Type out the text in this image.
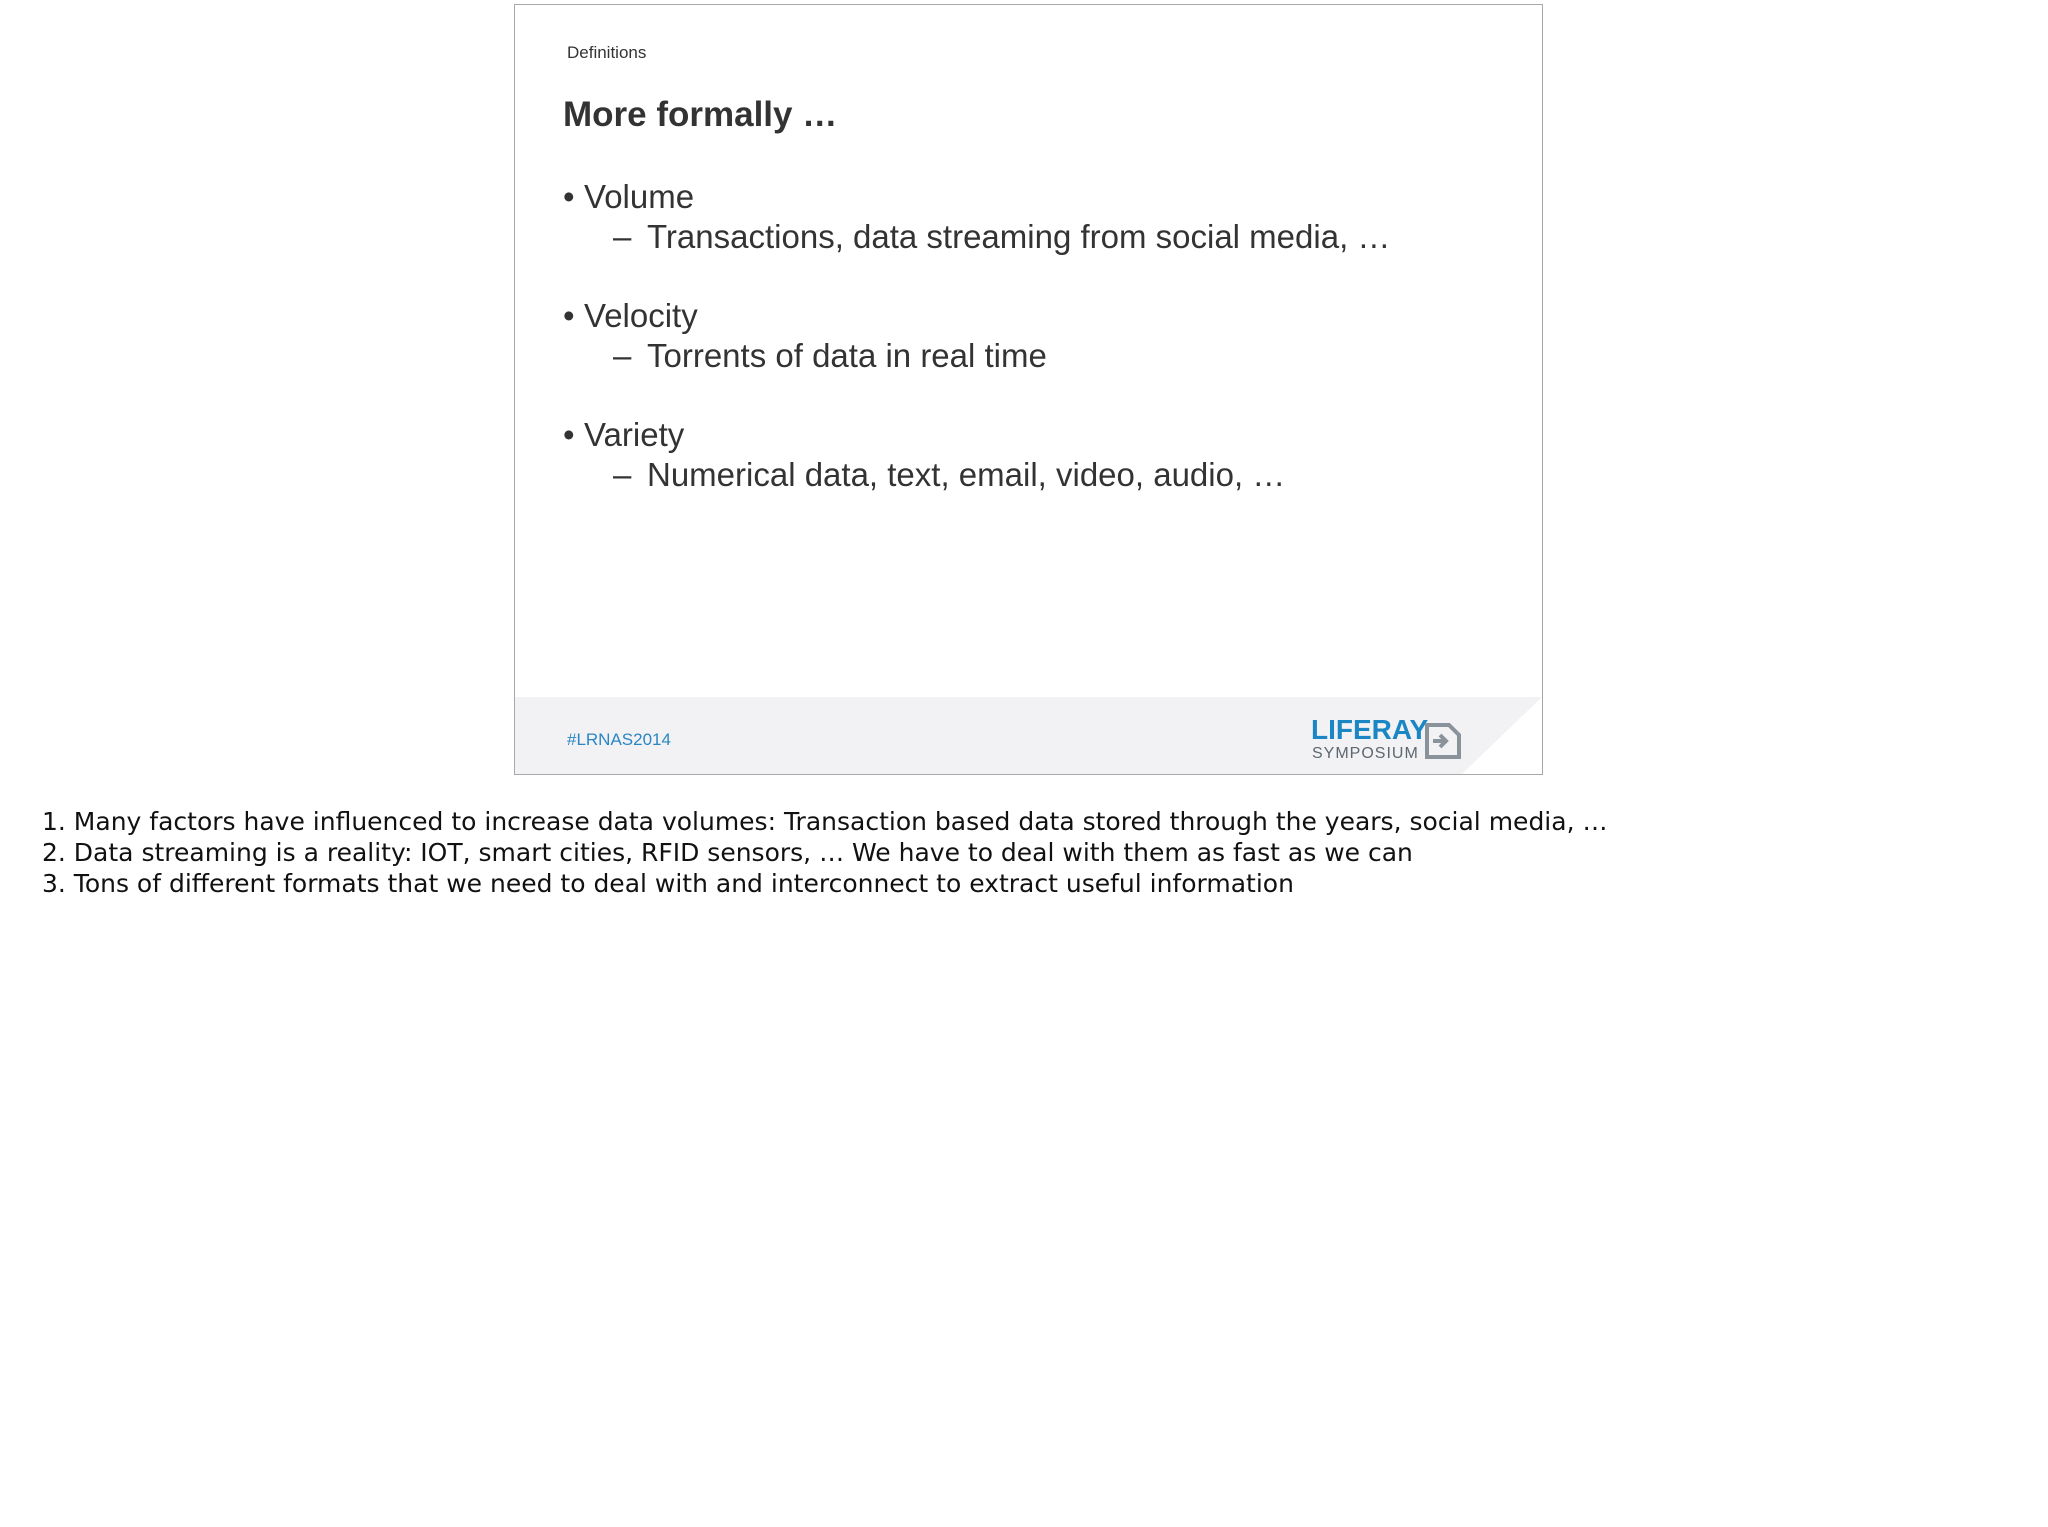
Definitions
More formally …
• Volume
– Transactions, data streaming from social media, …
• Velocity
– Torrents of data in real time
• Variety
– Numerical data, text, email, video, audio, …
#LRNAS2014	LIFERAY
SYMPOSIUM
1. Many factors have influenced to increase data volumes: Transaction based data stored through the years, social media, …
2. Data streaming is a reality: IOT, smart cities, RFID sensors, … We have to deal with them as fast as we can
3. Tons of different formats that we need to deal with and interconnect to extract useful information
